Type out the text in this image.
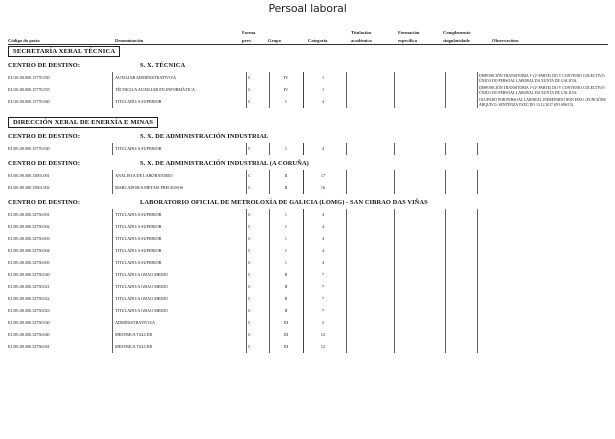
Persoal laboral
Código do posto	Denominación
Forma
prev.	Grupo	Categoría
Titulación
académica
Formación
específica
Complemento
singularidade	Observacións
SECRETARÍA XERAL TÉCNICA
CENTRO DE DESTINO:	S. X. TÉCNICA
EI.101.00.000.15770.550	AUXILIAR ADMINISTRATIVO/A	C	IV	1	DISPOSICIÓN TRANSITORIA 1ª (2ª PARTE) DO V CONVENIO COLECTIVO ÚNICO DO PERSOAL LABORAL DA XUNTA DE GALICIA.
EI.101.00.000.15770.555	TÉCNICO/A AUXILIAR EN INFORMÁTICA	C	IV	1	DISPOSICIÓN TRANSITORIA 1ª (2ª PARTE) DO V CONVENIO COLECTIVO ÚNICO DO PERSOAL LABORAL DA XUNTA DE GALICIA.
EI.101.00.000.15770.560	TITULADO/A SUPERIOR	C	I	4	OCUPADO POR PERSOAL LABORAL INDEFINIDO NON FIXO. (FUNCIÓNS ARQUIVO, SENTENZA TSXG DO 13.12.2017 (PO 686/15).
DIRECCIÓN XERAL DE ENERXÍA E MINAS
CENTRO DE DESTINO:	S. X. DE ADMINISTRACIÓN INDUSTRIAL
EI.301.00.000.15770.050	TITULADO/A SUPERIOR	C	I	4
CENTRO DE DESTINO:	S. X. DE ADMINISTRACIÓN INDUSTRIAL (A CORUÑA)
EI.301.00.300.15001.001	ANALISTA DE LABORATORIO	C	II	17
EI.301.00.300.15001.002	MARCADOR/A METAIS PRECIOSOS	C	II	16
CENTRO DE DESTINO:	LABORATORIO OFICIAL DE METROLOXÍA DE GALICIA (LOMG) - SAN CIBRAO DAS VIÑAS
EI.301.00.300.32750.001	TITULADO/A SUPERIOR	C	I	4
EI.301.00.300.32750.002	TITULADO/A SUPERIOR	C	I	4
EI.301.00.300.32750.003	TITULADO/A SUPERIOR	C	I	4
EI.301.00.300.32750.004	TITULADO/A SUPERIOR	C	I	4
EI.301.00.300.32750.005	TITULADO/A SUPERIOR	C	I	4
EI.301.00.300.32750.020	TITULADO/A GRAO MEDIO	C	II	7
EI.301.00.300.32750.021	TITULADO/A GRAO MEDIO	C	II	7
EI.301.00.300.32750.022	TITULADO/A GRAO MEDIO	C	II	7
EI.301.00.300.32750.023	TITULADO/A GRAO MEDIO	C	II	7
EI.301.00.300.32750.030	ADMINISTRATIVO/A	C	III	2
EI.301.00.300.32750.040	MESTRE/A TALLER	C	III	12
EI.301.00.300.32750.041	MESTRE/A TALLER	C	III	12
